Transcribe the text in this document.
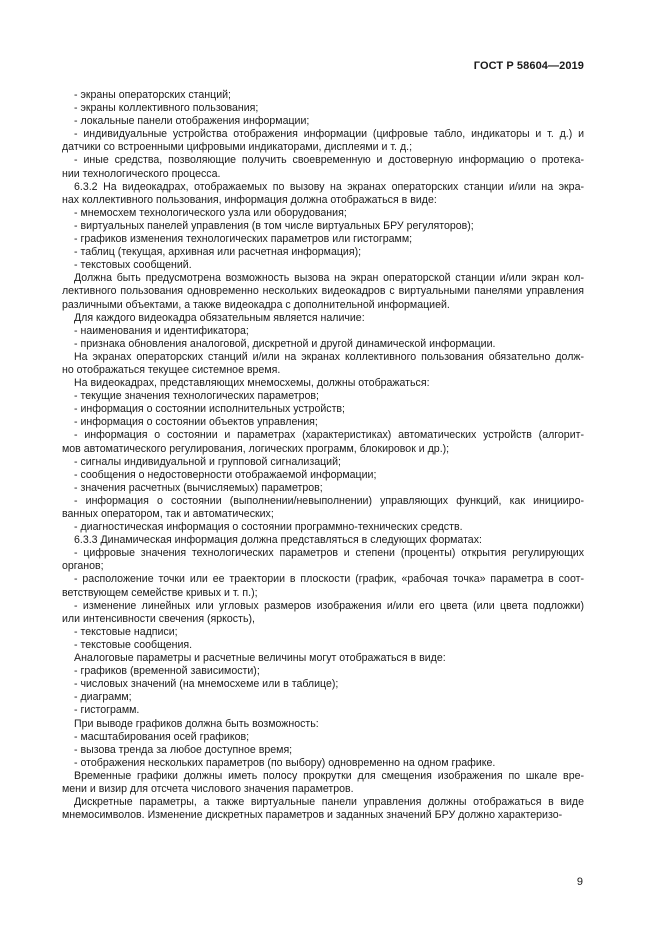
ГОСТ Р 58604—2019

- экраны операторских станций;

- экраны коллективного пользования;

- локальные панели отображения информации;

- индивидуальные устройства отображения информации (цифровые табло, индикаторы и т. д.) и

датчики со встроенными цифровыми индикаторами, дисплеями и т. д.;

- иные средства, позволяющие получить своевременную и достоверную информацию о протека-

нии технологического процесса.

6.3.2 На видеокадрах, отображаемых по вызову на экранах операторских станции и/или на экра-

нах коллективного пользования, информация должна отображаться в виде:

- мнемосхем технологического узла или оборудования;

- виртуальных панелей управления (в том числе виртуальных БРУ регуляторов);

- графиков изменения технологических параметров или гистограмм;

- таблиц (текущая, архивная или расчетная информация);

- текстовых сообщений.

Должна быть предусмотрена возможность вызова на экран операторской станции и/или экран кол-

лективного пользования одновременно нескольких видеокадров с виртуальными панелями управления

различными объектами, а также видеокадра с дополнительной информацией.

Для каждого видеокадра обязательным является наличие:

- наименования и идентификатора;

- признака обновления аналоговой, дискретной и другой динамической информации.

На экранах операторских станций и/или на экранах коллективного пользования обязательно долж-

но отображаться текущее системное время.

На видеокадрах, представляющих мнемосхемы, должны отображаться:

- текущие значения технологических параметров;

- информация о состоянии исполнительных устройств;

- информация о состоянии объектов управления;

- информация о состоянии и параметрах (характеристиках) автоматических устройств (алгорит-

мов автоматического регулирования, логических программ, блокировок и др.);

- сигналы индивидуальной и групповой сигнализаций;

- сообщения о недостоверности отображаемой информации;

- значения расчетных (вычисляемых) параметров;

- информация о состоянии (выполнении/невыполнении) управляющих функций, как иницииро-

ванных оператором, так и автоматических;

- диагностическая информация о состоянии программно-технических средств.

6.3.3 Динамическая информация должна представляться в следующих форматах:

- цифровые значения технологических параметров и степени (проценты) открытия регулирующих

органов;

- расположение точки или ее траектории в плоскости (график, «рабочая точка» параметра в соот-

ветствующем семействе кривых и т. п.);

- изменение линейных или угловых размеров изображения и/или его цвета (или цвета подложки)

или интенсивности свечения (яркость),

- текстовые надписи;

- текстовые сообщения.

Аналоговые параметры и расчетные величины могут отображаться в виде:

- графиков (временной зависимости);

- числовых значений (на мнемосхеме или в таблице);

- диаграмм;

- гистограмм.

При выводе графиков должна быть возможность:

- масштабирования осей графиков;

- вызова тренда за любое доступное время;

- отображения нескольких параметров (по выбору) одновременно на одном графике.

Временные графики должны иметь полосу прокрутки для смещения изображения по шкале вре-

мени и визир для отсчета числового значения параметров.

Дискретные параметры, а также виртуальные панели управления должны отображаться в виде

мнемосимволов. Изменение дискретных параметров и заданных значений БРУ должно характеризо-

9
